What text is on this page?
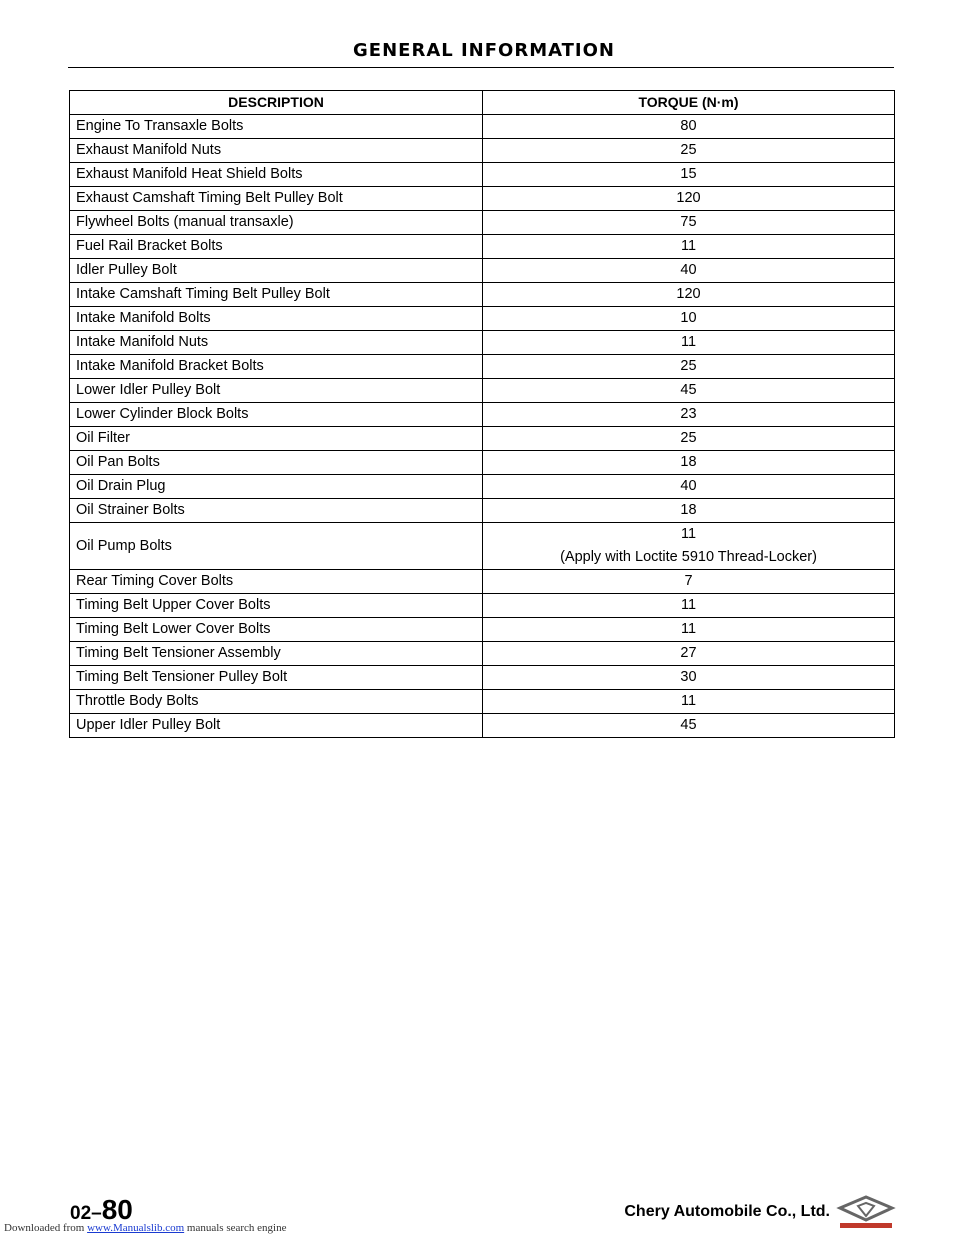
GENERAL INFORMATION
DESCRIPTION	TORQUE (N·m)
Engine To Transaxle Bolts	80

Exhaust Manifold Nuts	25

Exhaust Manifold Heat Shield Bolts	15

Exhaust Camshaft Timing Belt Pulley Bolt	120

Flywheel Bolts (manual transaxle)	75

Fuel Rail Bracket Bolts	11

Idler Pulley Bolt	40

Intake Camshaft Timing Belt Pulley Bolt	120

Intake Manifold Bolts	10

Intake Manifold Nuts	11

Intake Manifold Bracket Bolts	25

Lower Idler Pulley Bolt	45

Lower Cylinder Block Bolts	23

Oil Filter	25

Oil Pan Bolts	18

Oil Drain Plug	40

Oil Strainer Bolts	18

Oil Pump Bolts	11
(Apply with Loctite 5910 Thread-Locker)

Rear Timing Cover Bolts	7

Timing Belt Upper Cover Bolts	11

Timing Belt Lower Cover Bolts	11

Timing Belt Tensioner Assembly	27

Timing Belt Tensioner Pulley Bolt	30

Throttle Body Bolts	11

Upper Idler Pulley Bolt	45
02–80	Chery Automobile Co., Ltd.
Downloaded from www.Manualslib.com manuals search engine
